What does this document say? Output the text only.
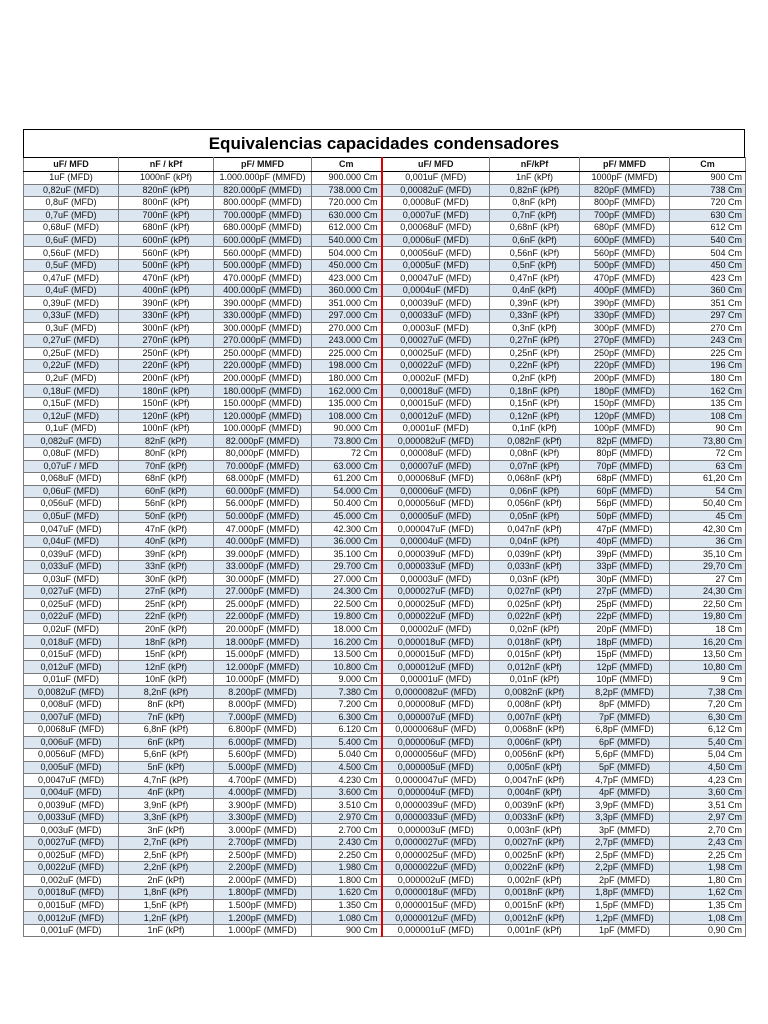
Equivalencias capacidades condensadores
uF/ MFD	nF / kPf	pF/ MMFD	Cm	uF/ MFD	nF/kPf	pF/ MMFD	Cm
1uF (MFD)	1000nF (kPf)	1.000.000pF (MMFD)	900.000 Cm	0,001uF (MFD)	1nF (kPf)	1000pF (MMFD)	900 Cm
0,82uF (MFD)	820nF (kPf)	820.000pF (MMFD)	738.000 Cm	0,00082uF (MFD)	0,82nF (kPf)	820pF (MMFD)	738 Cm
0,8uF (MFD)	800nF (kPf)	800.000pF (MMFD)	720.000 Cm	0,0008uF (MFD)	0,8nF (kPf)	800pF (MMFD)	720 Cm
0,7uF (MFD)	700nF (kPf)	700.000pF (MMFD)	630.000 Cm	0,0007uF (MFD)	0,7nF (kPf)	700pF (MMFD)	630 Cm
0,68uF (MFD)	680nF (kPf)	680.000pF (MMFD)	612.000 Cm	0,00068uF (MFD)	0,68nF (kPf)	680pF (MMFD)	612 Cm
0,6uF (MFD)	600nF (kPf)	600.000pF (MMFD)	540.000 Cm	0,0006uF (MFD)	0,6nF (kPf)	600pF (MMFD)	540 Cm
0,56uF (MFD)	560nF (kPf)	560.000pF (MMFD)	504.000 Cm	0,00056uF (MFD)	0,56nF (kPf)	560pF (MMFD)	504 Cm
0,5uF (MFD)	500nF (kPf)	500.000pF (MMFD)	450.000 Cm	0,0005uF (MFD)	0,5nF (kPf)	500pF (MMFD)	450 Cm
0,47uF (MFD)	470nF (kPf)	470.000pF (MMFD)	423.000 Cm	0,00047uF (MFD)	0,47nF (kPf)	470pF (MMFD)	423 Cm
0,4uF (MFD)	400nF (kPf)	400.000pF (MMFD)	360.000 Cm	0,0004uF (MFD)	0,4nF (kPf)	400pF (MMFD)	360 Cm
0,39uF (MFD)	390nF (kPf)	390.000pF (MMFD)	351.000 Cm	0,00039uF (MFD)	0,39nF (kPf)	390pF (MMFD)	351 Cm
0,33uF (MFD)	330nF (kPf)	330.000pF (MMFD)	297.000 Cm	0,00033uF (MFD)	0,33nF (kPf)	330pF (MMFD)	297 Cm
0,3uF (MFD)	300nF (kPf)	300.000pF (MMFD)	270.000 Cm	0,0003uF (MFD)	0,3nF (kPf)	300pF (MMFD)	270 Cm
0,27uF (MFD)	270nF (kPf)	270.000pF (MMFD)	243.000 Cm	0,00027uF (MFD)	0,27nF (kPf)	270pF (MMFD)	243 Cm
0,25uF (MFD)	250nF (kPf)	250.000pF (MMFD)	225.000 Cm	0,00025uF (MFD)	0,25nF (kPf)	250pF (MMFD)	225 Cm
0,22uF (MFD)	220nF (kPf)	220.000pF (MMFD)	198.000 Cm	0,00022uF (MFD)	0,22nF (kPf)	220pF (MMFD)	196 Cm
0,2uF (MFD)	200nF (kPf)	200.000pF (MMFD)	180.000 Cm	0,0002uF (MFD)	0,2nF (kPf)	200pF (MMFD)	180 Cm
0,18uF (MFD)	180nF (kPf)	180.000pF (MMFD)	162.000 Cm	0,00018uF (MFD)	0,18nF (kPf)	180pF (MMFD)	162 Cm
0,15uF (MFD)	150nF (kPf)	150.000pF (MMFD)	135.000 Cm	0,00015uF (MFD)	0,15nF (kPf)	150pF (MMFD)	135 Cm
0,12uF (MFD)	120nF (kPf)	120.000pF (MMFD)	108.000 Cm	0,00012uF (MFD)	0,12nF (kPf)	120pF (MMFD)	108 Cm
0,1uF (MFD)	100nF (kPf)	100.000pF (MMFD)	90.000 Cm	0,0001uF (MFD)	0,1nF (kPf)	100pF (MMFD)	90 Cm
0,082uF (MFD)	82nF (kPf)	82.000pF (MMFD)	73.800 Cm	0,000082uF (MFD)	0,082nF (kPf)	82pF (MMFD)	73,80 Cm
0,08uF (MFD)	80nF (kPf)	80,000pF (MMFD)	72 Cm	0,00008uF (MFD)	0,08nF (kPf)	80pF (MMFD)	72 Cm
0,07uF / MFD	70nF (kPf)	70.000pF (MMFD)	63.000 Cm	0,00007uF (MFD)	0,07nF (kPf)	70pF (MMFD)	63 Cm
0,068uF (MFD)	68nF (kPf)	68.000pF (MMFD)	61.200 Cm	0,000068uF (MFD)	0,068nF (kPf)	68pF (MMFD)	61,20 Cm
0,06uF (MFD)	60nF (kPf)	60.000pF (MMFD)	54.000 Cm	0,00006uF (MFD)	0,06nF (kPf)	60pF (MMFD)	54 Cm
0,056uF (MFD)	56nF (kPf)	56.000pF (MMFD)	50.400 Cm	0,000056uF (MFD)	0,056nF (kPf)	56pF (MMFD)	50,40 Cm
0,05uF (MFD)	50nF (kPf)	50.000pF (MMFD)	45.000 Cm	0,00005uF (MFD)	0,05nF (kPf)	50pF (MMFD)	45 Cm
0,047uF (MFD)	47nF (kPf)	47.000pF (MMFD)	42.300 Cm	0,000047uF (MFD)	0,047nF (kPf)	47pF (MMFD)	42,30 Cm
0,04uF (MFD)	40nF (kPf)	40.000pF (MMFD)	36.000 Cm	0,00004uF (MFD)	0,04nF (kPf)	40pF (MMFD)	36 Cm
0,039uF (MFD)	39nF (kPf)	39.000pF (MMFD)	35.100 Cm	0,000039uF (MFD)	0,039nF (kPf)	39pF (MMFD)	35,10 Cm
0,033uF (MFD)	33nF (kPf)	33.000pF (MMFD)	29.700 Cm	0,000033uF (MFD)	0,033nF (kPf)	33pF (MMFD)	29,70 Cm
0,03uF (MFD)	30nF (kPf)	30.000pF (MMFD)	27.000 Cm	0,00003uF (MFD)	0,03nF (kPf)	30pF (MMFD)	27 Cm
0,027uF (MFD)	27nF (kPf)	27.000pF (MMFD)	24.300 Cm	0,000027uF (MFD)	0,027nF (kPf)	27pF (MMFD)	24,30 Cm
0,025uF (MFD)	25nF (kPf)	25.000pF (MMFD)	22.500 Cm	0,000025uF (MFD)	0,025nF (kPf)	25pF (MMFD)	22,50 Cm
0,022uF (MFD)	22nF (kPf)	22.000pF (MMFD)	19.800 Cm	0,000022uF (MFD)	0,022nF (kPf)	22pF (MMFD)	19,80 Cm
0,02uF (MFD)	20nF (kPf)	20.000pF (MMFD)	18.000 Cm	0,00002uF (MFD)	0,02nF (kPf)	20pF (MMFD)	18 Cm
0,018uF (MFD)	18nF (kPf)	18.000pF (MMFD)	16.200 Cm	0,000018uF (MFD)	0,018nF (kPf)	18pF (MMFD)	16,20 Cm
0,015uF (MFD)	15nF (kPf)	15.000pF (MMFD)	13.500 Cm	0,000015uF (MFD)	0,015nF (kPf)	15pF (MMFD)	13,50 Cm
0,012uF (MFD)	12nF (kPf)	12.000pF (MMFD)	10.800 Cm	0,000012uF (MFD)	0,012nF (kPf)	12pF (MMFD)	10,80 Cm
0,01uF (MFD)	10nF (kPf)	10.000pF (MMFD)	9.000 Cm	0,00001uF (MFD)	0,01nF (kPf)	10pF (MMFD)	9 Cm
0,0082uF (MFD)	8,2nF (kPf)	8.200pF (MMFD)	7.380 Cm	0,0000082uF (MFD)	0,0082nF (kPf)	8,2pF (MMFD)	7,38 Cm
0,008uF (MFD)	8nF (kPf)	8.000pF (MMFD)	7.200 Cm	0,000008uF (MFD)	0,008nF (kPf)	8pF (MMFD)	7,20 Cm
0,007uF (MFD)	7nF (kPf)	7.000pF (MMFD)	6.300 Cm	0,000007uF (MFD)	0,007nF (kPf)	7pF (MMFD)	6,30 Cm
0,0068uF (MFD)	6,8nF (kPf)	6.800pF (MMFD)	6.120 Cm	0,0000068uF (MFD)	0,0068nF (kPf)	6,8pF (MMFD)	6,12 Cm
0,006uF (MFD)	6nF (kPf)	6.000pF (MMFD)	5.400 Cm	0,000006uF (MFD)	0,006nF (kPf)	6pF (MMFD)	5,40 Cm
0,0056uF (MFD)	5,6nF (kPf)	5.600pF (MMFD)	5.040 Cm	0,0000056uF (MFD)	0,0056nF (kPf)	5,6pF (MMFD)	5,04 Cm
0,005uF (MFD)	5nF (kPf)	5.000pF (MMFD)	4.500 Cm	0,000005uF (MFD)	0,005nF (kPf)	5pF (MMFD)	4,50 Cm
0,0047uF (MFD)	4,7nF (kPf)	4.700pF (MMFD)	4.230 Cm	0,0000047uF (MFD)	0,0047nF (kPf)	4,7pF (MMFD)	4,23 Cm
0,004uF (MFD)	4nF (kPf)	4.000pF (MMFD)	3.600 Cm	0,000004uF (MFD)	0,004nF (kPf)	4pF (MMFD)	3,60 Cm
0,0039uF (MFD)	3,9nF (kPf)	3.900pF (MMFD)	3.510 Cm	0,0000039uF (MFD)	0,0039nF (kPf)	3,9pF (MMFD)	3,51 Cm
0,0033uF (MFD)	3,3nF (kPf)	3.300pF (MMFD)	2.970 Cm	0,0000033uF (MFD)	0,0033nF (kPf)	3,3pF (MMFD)	2,97 Cm
0,003uF (MFD)	3nF (kPf)	3.000pF (MMFD)	2.700 Cm	0,000003uF (MFD)	0,003nF (kPf)	3pF (MMFD)	2,70 Cm
0,0027uF (MFD)	2,7nF (kPf)	2.700pF (MMFD)	2.430 Cm	0,0000027uF (MFD)	0,0027nF (kPf)	2,7pF (MMFD)	2,43 Cm
0,0025uF (MFD)	2,5nF (kPf)	2.500pF (MMFD)	2.250 Cm	0,0000025uF (MFD)	0,0025nF (kPf)	2,5pF (MMFD)	2,25 Cm
0,0022uF (MFD)	2,2nF (kPf)	2.200pF (MMFD)	1.980 Cm	0,0000022uF (MFD)	0,0022nF (kPf)	2,2pF (MMFD)	1,98 Cm
0,002uF (MFD)	2nF (kPf)	2.000pF (MMFD)	1.800 Cm	0,000002uF (MFD)	0,002nF (kPf)	2pF (MMFD)	1,80 Cm
0,0018uF (MFD)	1,8nF (kPf)	1.800pF (MMFD)	1.620 Cm	0,0000018uF (MFD)	0,0018nF (kPf)	1,8pF (MMFD)	1,62 Cm
0,0015uF (MFD)	1,5nF (kPf)	1.500pF (MMFD)	1.350 Cm	0,0000015uF (MFD)	0,0015nF (kPf)	1,5pF (MMFD)	1,35 Cm
0,0012uF (MFD)	1,2nF (kPf)	1.200pF (MMFD)	1.080 Cm	0,0000012uF (MFD)	0,0012nF (kPf)	1,2pF (MMFD)	1,08 Cm
0,001uF (MFD)	1nF (kPf)	1.000pF (MMFD)	900 Cm	0,000001uF (MFD)	0,001nF (kPf)	1pF (MMFD)	0,90 Cm
